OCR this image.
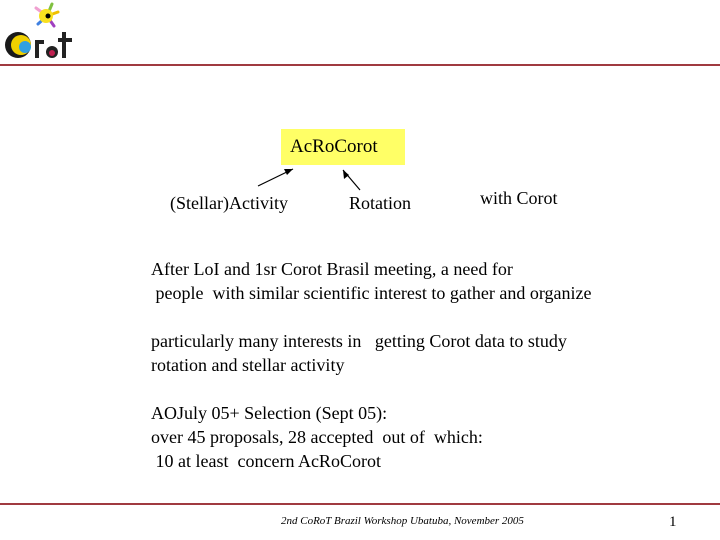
AcRoCorot
(Stellar)Activity	Rotation	with Corot
After LoI and 1sr Corot Brasil meeting, a need for
people  with similar scientific interest to gather and organize
particularly many interests in   getting Corot data to study
rotation and stellar activity
AOJuly 05+ Selection (Sept 05):
over 45 proposals, 28 accepted  out of  which:
10 at least  concern AcRoCorot
2nd CoRoT Brazil Workshop Ubatuba, November 2005	1
